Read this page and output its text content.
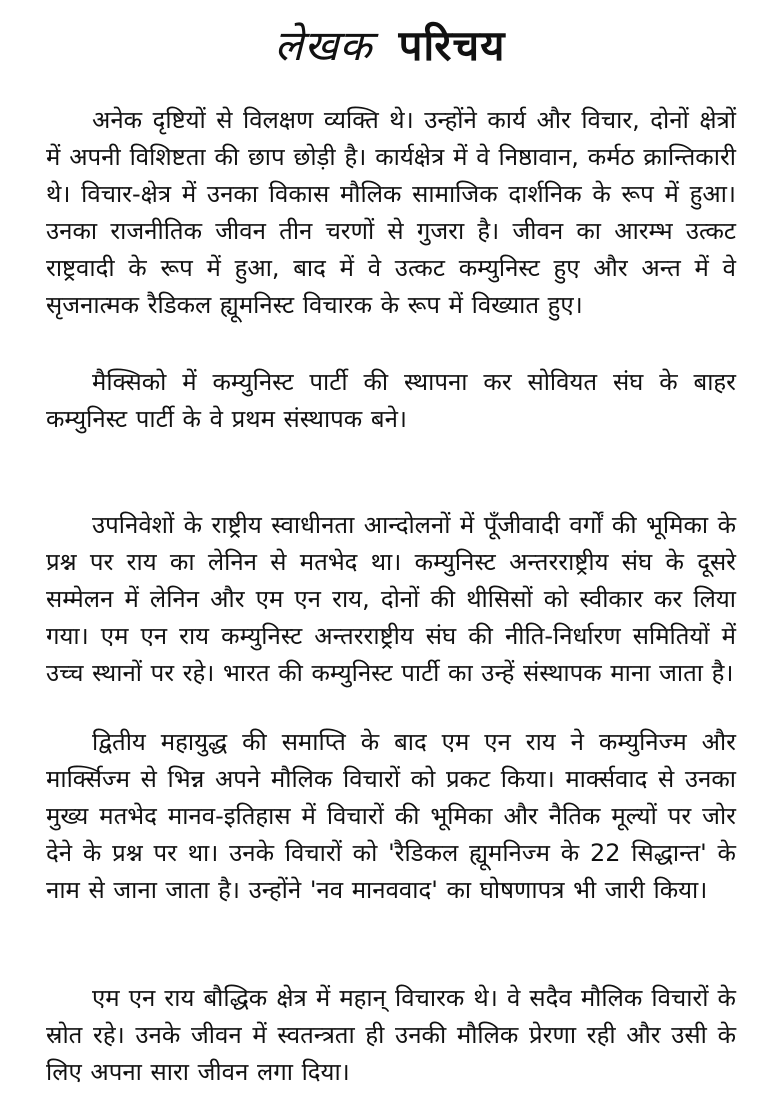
लेखक परिचय

अनेक दृष्टियों से विलक्षण व्यक्ति थे। उन्होंने कार्य और विचार, दोनों क्षेत्रों में अपनी विशिष्टता की छाप छोड़ी है। कार्यक्षेत्र में वे निष्ठावान, कर्मठ क्रान्तिकारी थे। विचार-क्षेत्र में उनका विकास मौलिक सामाजिक दार्शनिक के रूप में हुआ। उनका राजनीतिक जीवन तीन चरणों से गुजरा है। जीवन का आरम्भ उत्कट राष्ट्रवादी के रूप में हुआ, बाद में वे उत्कट कम्युनिस्ट हुए और अन्त में वे सृजनात्मक रैडिकल ह्यूमनिस्ट विचारक के रूप में विख्यात हुए।

मैक्सिको में कम्युनिस्ट पार्टी की स्थापना कर सोवियत संघ के बाहर कम्युनिस्ट पार्टी के वे प्रथम संस्थापक बने।

उपनिवेशों के राष्ट्रीय स्वाधीनता आन्दोलनों में पूँजीवादी वर्गों की भूमिका के प्रश्न पर राय का लेनिन से मतभेद था। कम्युनिस्ट अन्तरराष्ट्रीय संघ के दूसरे सम्मेलन में लेनिन और एम एन राय, दोनों की थीसिसों को स्वीकार कर लिया गया। एम एन राय कम्युनिस्ट अन्तरराष्ट्रीय संघ की नीति-निर्धारण समितियों में उच्च स्थानों पर रहे। भारत की कम्युनिस्ट पार्टी का उन्हें संस्थापक माना जाता है।

द्वितीय महायुद्ध की समाप्ति के बाद एम एन राय ने कम्युनिज्म और मार्क्सिज्म से भिन्न अपने मौलिक विचारों को प्रकट किया। मार्क्सवाद से उनका मुख्य मतभेद मानव-इतिहास में विचारों की भूमिका और नैतिक मूल्यों पर जोर देने के प्रश्न पर था। उनके विचारों को 'रैडिकल ह्यूमनिज्म के 22 सिद्धान्त' के नाम से जाना जाता है। उन्होंने 'नव मानववाद' का घोषणापत्र भी जारी किया।

एम एन राय बौद्धिक क्षेत्र में महान् विचारक थे। वे सदैव मौलिक विचारों के स्रोत रहे। उनके जीवन में स्वतन्त्रता ही उनकी मौलिक प्रेरणा रही और उसी के लिए अपना सारा जीवन लगा दिया।
